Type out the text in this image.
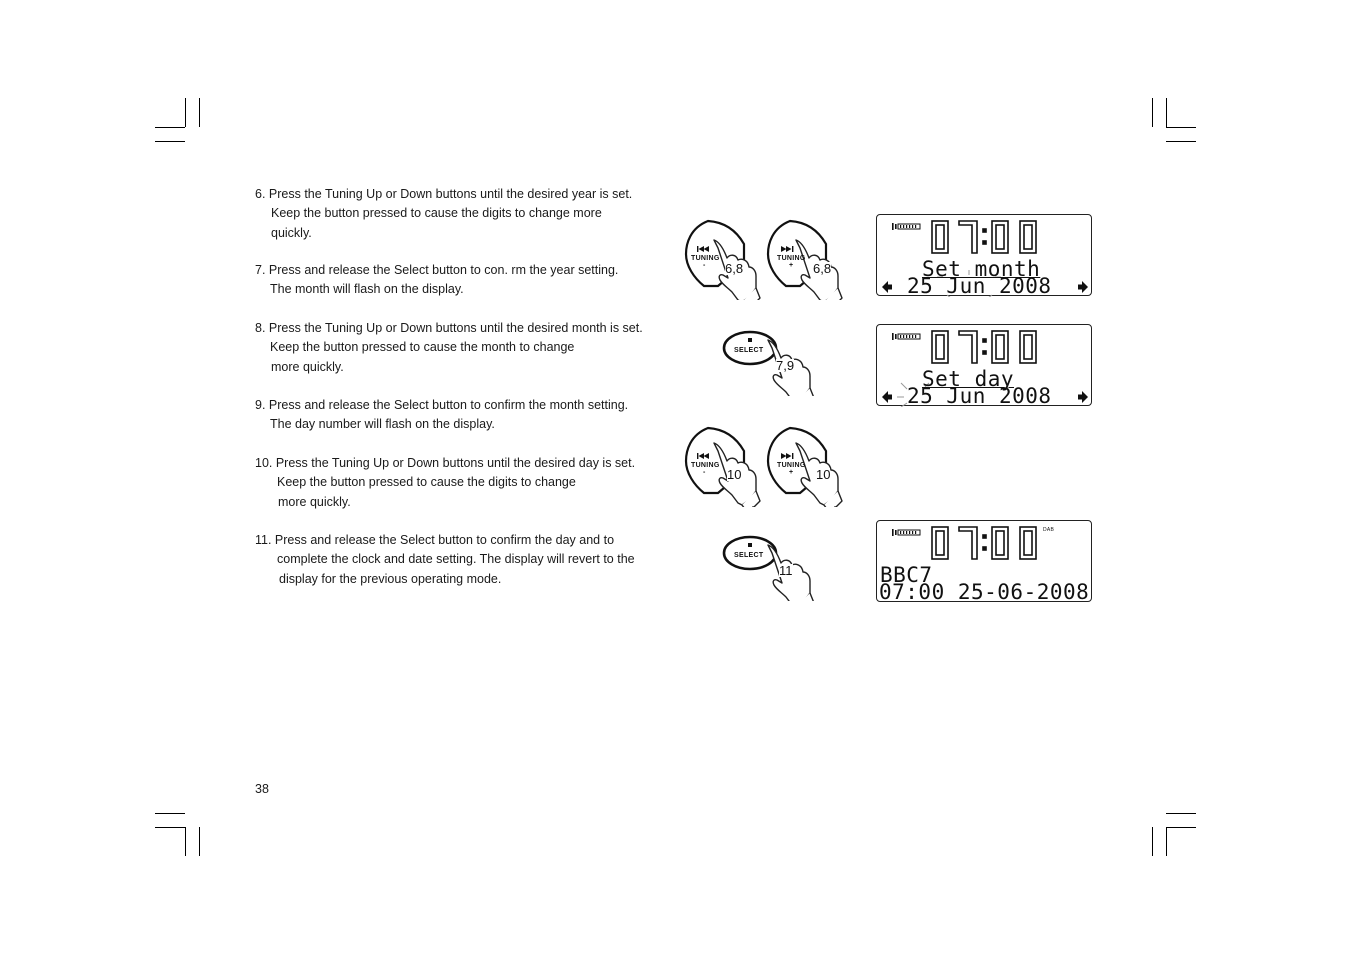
6. Press the Tuning Up or Down buttons until the desired year is set.
Keep the button pressed to cause the digits to change more
quickly.
7. Press and release the Select button to con. rm the year setting.
The month will flash on the display.
8. Press the Tuning Up or Down buttons until the desired month is set.
Keep the button pressed to cause the month to change
more quickly.
9. Press and release the Select button to confirm the month setting.
The day number will flash on the display.
10. Press the Tuning Up or Down buttons until the desired day is set.
Keep the button pressed to cause the digits to change
more quickly.
11. Press and release the Select button to confirm the day and to
complete the clock and date setting. The display will revert to the
display for the previous operating mode.
38
TUNING
-
TUNING
+
6,8	6,8
SELECT
7,9
TUNING
-
TUNING
+
10	10
SELECT
11
Set month
25 Jun 2008
Set day
25 Jun 2008
DAB
BBC7
07:00 25-06-2008
